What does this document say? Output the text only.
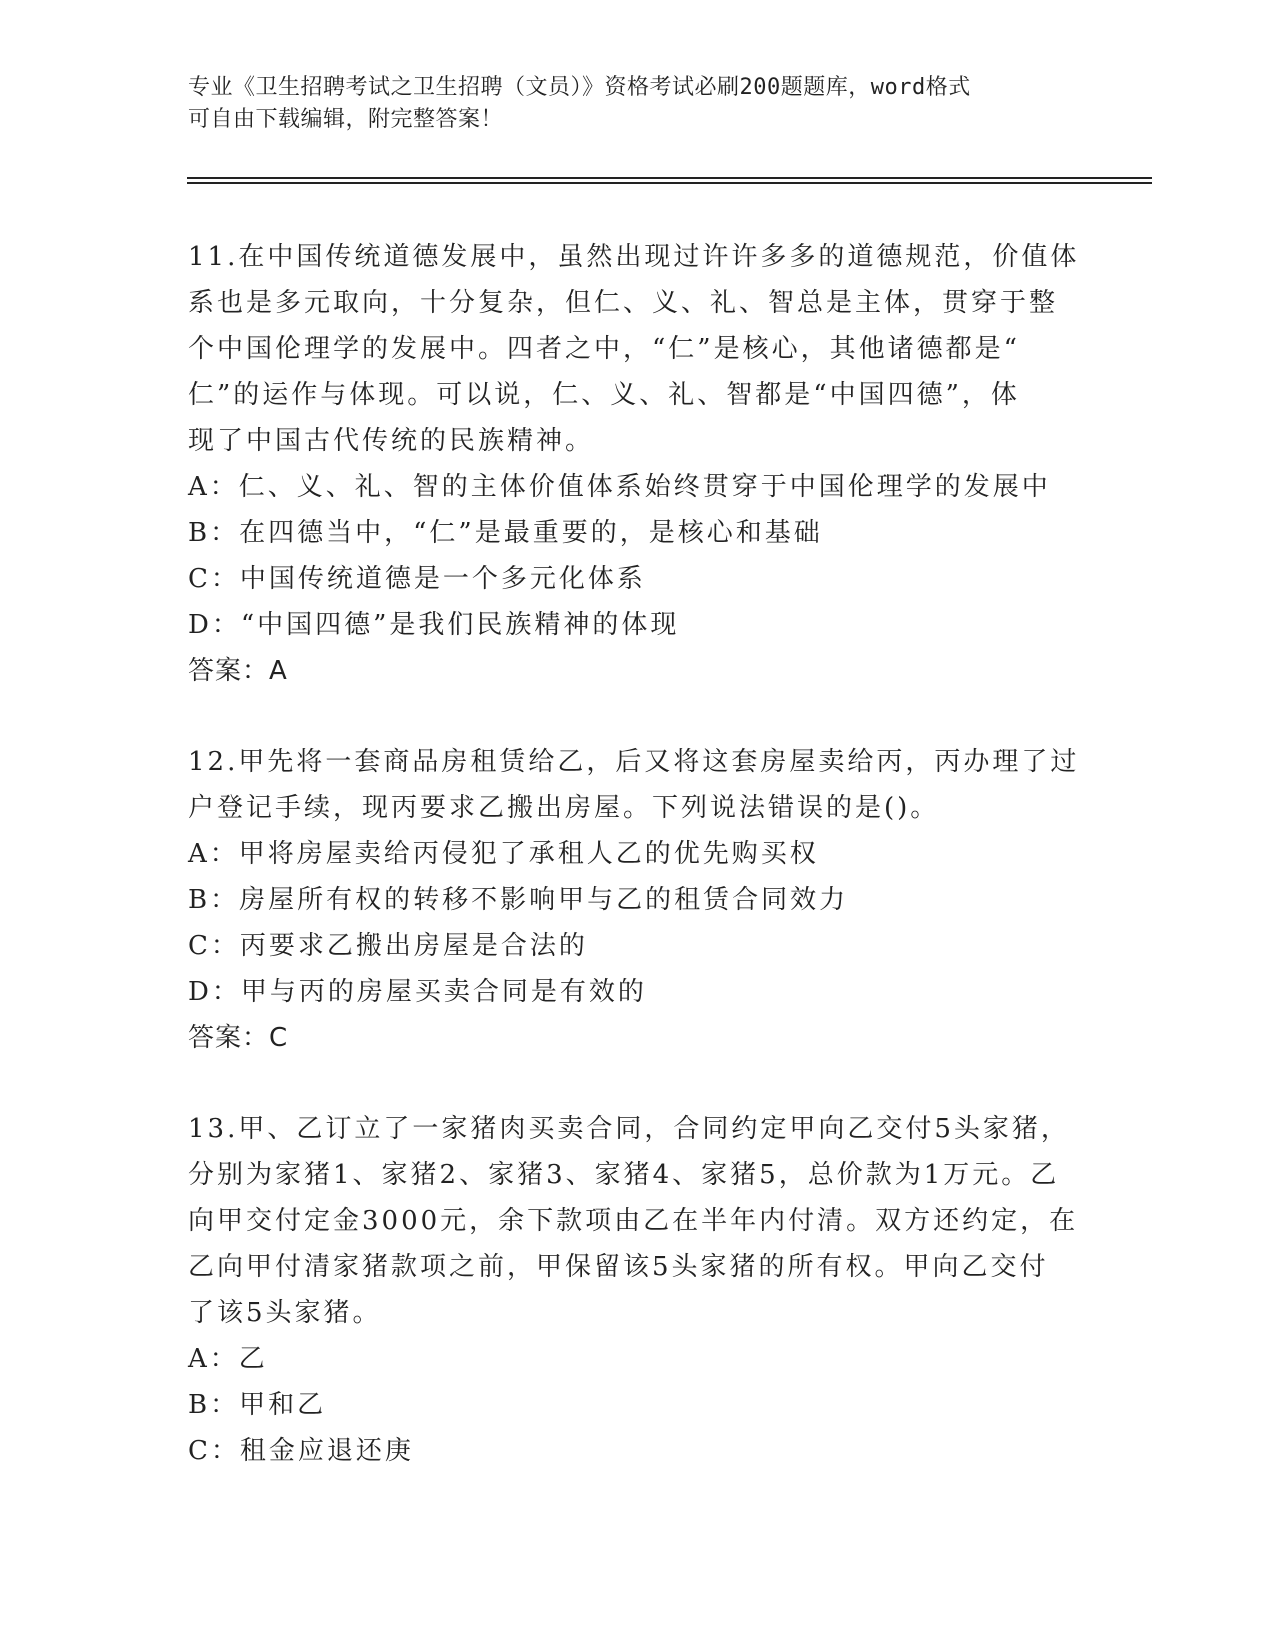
专业《卫生招聘考试之卫生招聘（文员）》资格考试必刷200题题库，word格式
可自由下载编辑，附完整答案！
11.在中国传统道德发展中，虽然出现过许许多多的道德规范，价值体
系也是多元取向，十分复杂，但仁、义、礼、智总是主体，贯穿于整
个中国伦理学的发展中。四者之中，“仁”是核心，其他诸德都是“
仁”的运作与体现。可以说，仁、义、礼、智都是“中国四德”，体
现了中国古代传统的民族精神。
A：仁、义、礼、智的主体价值体系始终贯穿于中国伦理学的发展中
B：在四德当中，“仁”是最重要的，是核心和基础
C：中国传统道德是一个多元化体系
D：“中国四德”是我们民族精神的体现
答案：A
12.甲先将一套商品房租赁给乙，后又将这套房屋卖给丙，丙办理了过
户登记手续，现丙要求乙搬出房屋。下列说法错误的是()。
A：甲将房屋卖给丙侵犯了承租人乙的优先购买权
B：房屋所有权的转移不影响甲与乙的租赁合同效力
C：丙要求乙搬出房屋是合法的
D：甲与丙的房屋买卖合同是有效的
答案：C
13.甲、乙订立了一家猪肉买卖合同，合同约定甲向乙交付5头家猪，
分别为家猪1、家猪2、家猪3、家猪4、家猪5，总价款为1万元。乙
向甲交付定金3000元，余下款项由乙在半年内付清。双方还约定，在
乙向甲付清家猪款项之前，甲保留该5头家猪的所有权。甲向乙交付
了该5头家猪。
A：乙
B：甲和乙
C：租金应退还庚
